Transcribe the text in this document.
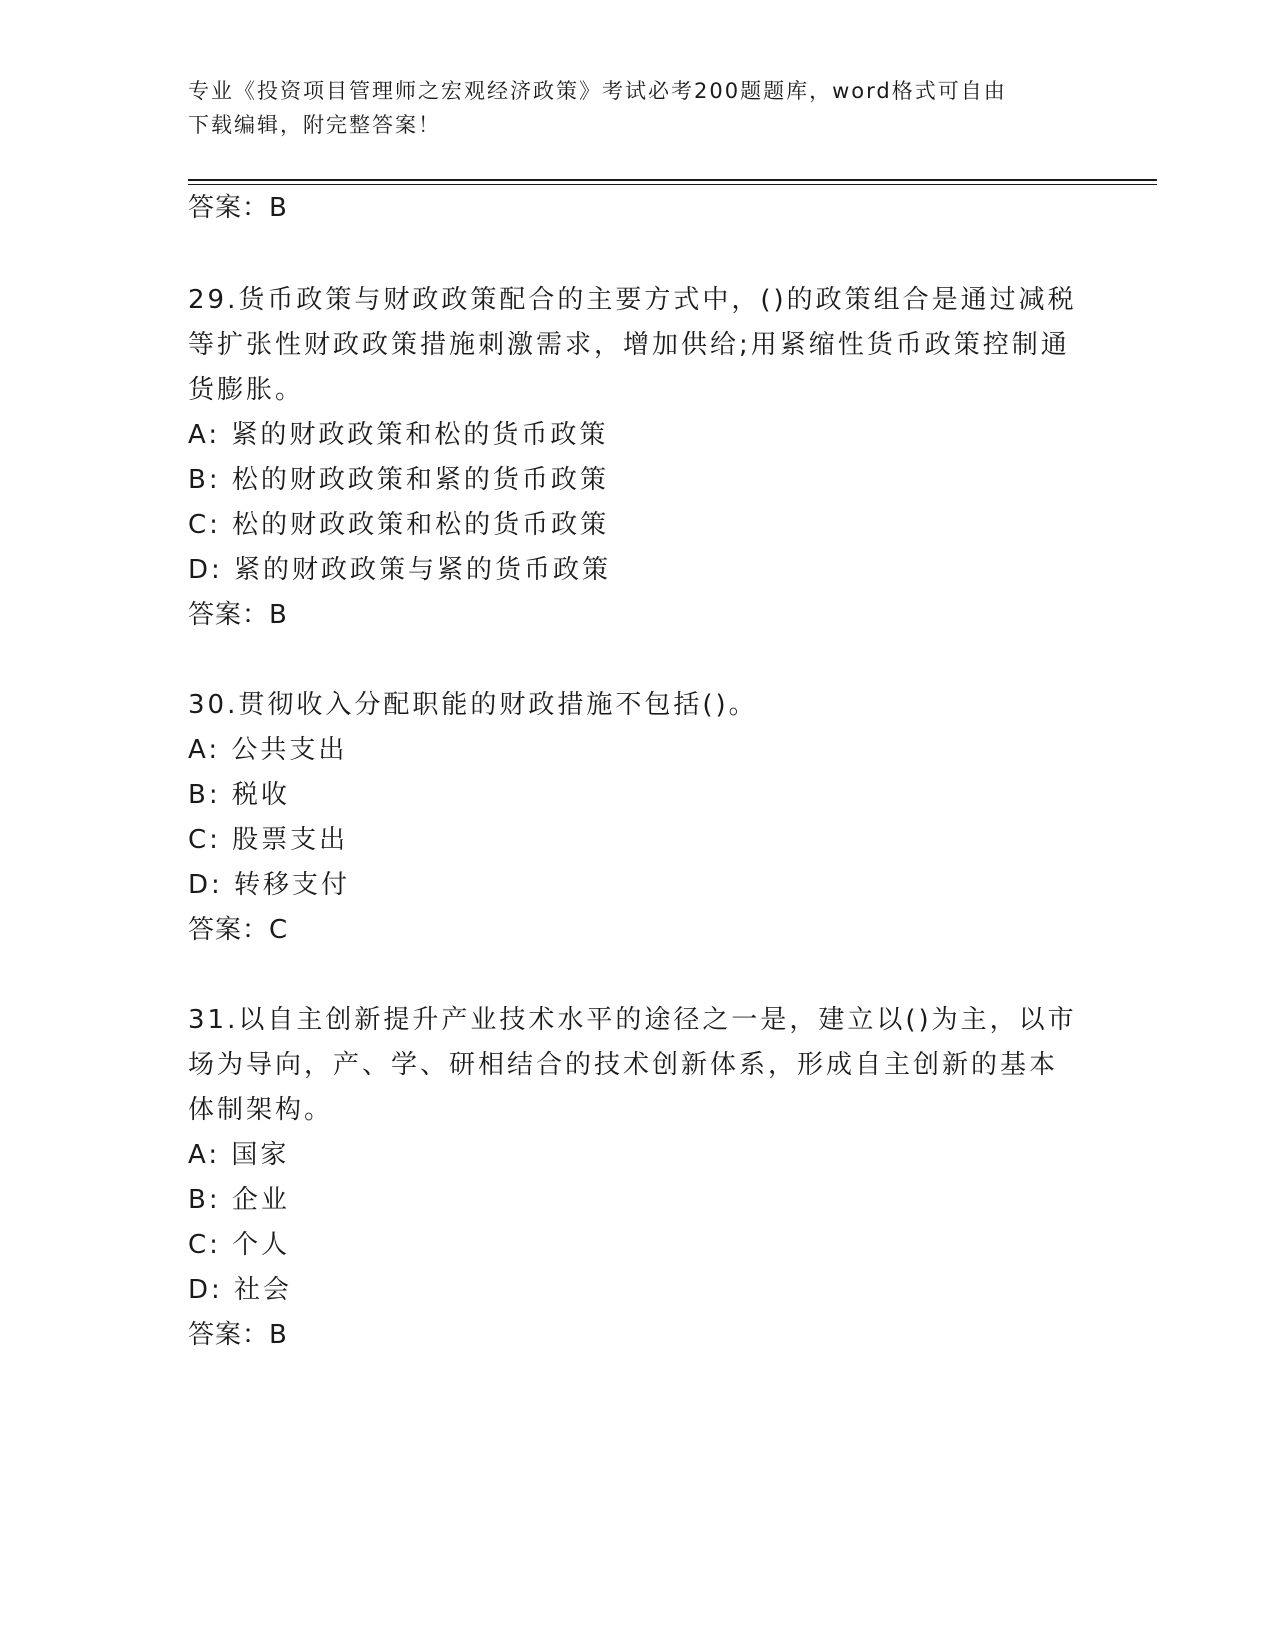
专业《投资项目管理师之宏观经济政策》考试必考200题题库，word格式可自由
下载编辑，附完整答案！
答案：B
29.货币政策与财政政策配合的主要方式中，()的政策组合是通过减税
等扩张性财政政策措施刺激需求，增加供给;用紧缩性货币政策控制通
货膨胀。
A: 紧的财政政策和松的货币政策
B: 松的财政政策和紧的货币政策
C: 松的财政政策和松的货币政策
D: 紧的财政政策与紧的货币政策
答案：B
30.贯彻收入分配职能的财政措施不包括()。
A: 公共支出
B: 税收
C: 股票支出
D: 转移支付
答案：C
31.以自主创新提升产业技术水平的途径之一是，建立以()为主，以市
场为导向，产、学、研相结合的技术创新体系，形成自主创新的基本
体制架构。
A: 国家
B: 企业
C: 个人
D: 社会
答案：B
